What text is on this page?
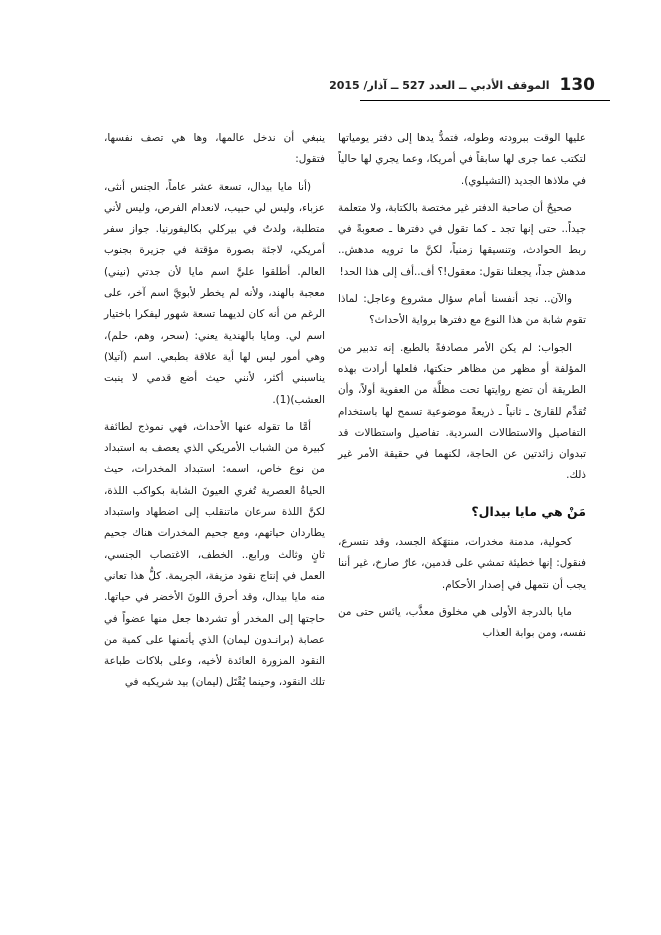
130
الموقف الأدبي ــ العدد 527 ــ آذار/ 2015

عليها الوقت ببرودته وطوله، فتمدُّ يدها إلى دفتر يومياتها لتكتب عما جرى لها سابقاً في أمريكا، وعما يجري لها حالياً في ملاذها الجديد (التشيلوي).

صحيحٌ أن صاحبة الدفتر غير مختصة بالكتابة، ولا متعلمة جيداً.. حتى إنها تجد ـ كما تقول في دفترها ـ صعوبةً في ربط الحوادث، وتنسيقها زمنياً، لكنَّ ما ترويه مدهش.. مدهش جداً، يجعلنا نقول: معقول!؟ أف..أف إلى هذا الحد!

والآن.. نجد أنفسنا أمام سؤال مشروع وعاجل: لماذا تقوم شابة من هذا النوع مع دفترها برواية الأحداث؟

الجواب: لم يكن الأمر مصادفةً بالطبع. إنه تدبير من المؤلفة أو مظهر من مظاهر حنكتها، فلعلها أرادت بهذه الطريقة أن تضع روايتها تحت مظلَّة من العفوية أولاً، وأن تُقدِّم للقارئ ـ ثانياً ـ ذريعةً موضوعية تسمح لها باستخدام التفاصيل والاستطالات السردية. تفاصيل واستطالات قد تبدوان زائدتين عن الحاجة، لكنهما في حقيقة الأمر غير ذلك.

مَنْ هي مايا بيدال؟

كحولية، مدمنة مخدرات، منتهَكة الجسد، وقد نتسرع، فنقول: إنها خطيئة تمشي على قدمين، عارٌ صارخ، غير أننا يجب أن نتمهل في إصدار الأحكام.

مايا بالدرجة الأولى هي مخلوق معذَّب، يائس حتى من نفسه، ومن بوابة العذاب

ينبغي أن ندخل عالمها، وها هي تصف نفسها، فتقول:

(أنا مايا بيدال، تسعة عشر عاماً، الجنس أنثى، عزباء، وليس لي حبيب، لانعدام الفرص، وليس لأني متطلبة، ولدتُ في بيركلي بكاليفورنيا. جواز سفر أمريكي، لاجئة بصورة مؤقتة في جزيرة بجنوب العالم. أطلقوا عليَّ اسم مايا لأن جدتي (نيني) معجبة بالهند، ولأنه لم يخطر لأبويَّ اسم آخر، على الرغم من أنه كان لديهما تسعة شهور ليفكرا باختيار اسم لي. ومايا بالهندية يعني: (سحر، وهم، حلم)، وهي أمور ليس لها أية علاقة بطبعي. اسم (آتيلا) يناسبني أكثر، لأنني حيث أضع قدمي لا ينبت العشب)(1).

أمَّا ما تقوله عنها الأحداث، فهي نموذج لطائفة كبيرة من الشباب الأمريكي الذي يعصف به استبداد من نوع خاص، اسمه: استبداد المخدرات، حيث الحياةُ العصرية تُغري العيونَ الشابة بكواكب اللذة، لكنَّ اللذة سرعان ماتنقلب إلى اضطهاد واستبداد يطاردان حياتهم، ومع جحيم المخدرات هناك جحيم ثانٍ وثالث ورابع.. الخطف، الاغتصاب الجنسي، العمل في إنتاج نقود مزيفة، الجريمة. كلُّ هذا تعاني منه مايا بيدال، وقد أحرق اللونَ الأخضر في حياتها. حاجتها إلى المخدر أو تشردها جعل منها عضواً في عصابة (برانـدون ليمان) الذي يأتمنها على كمية من النقود المزورة العائدة لأخيه، وعلى بلاكات طباعة تلك النقود، وحينما يُقْتَل (ليمان) بيد شريكيه في
